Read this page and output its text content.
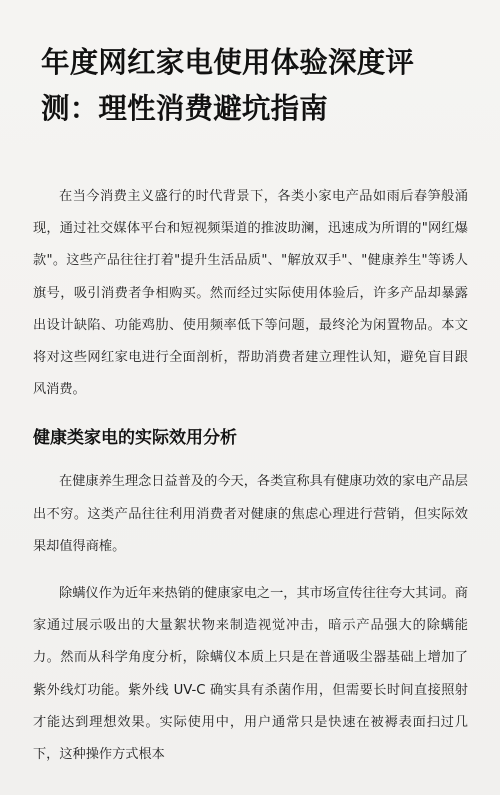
年度网红家电使用体验深度评测：理性消费避坑指南

在当今消费主义盛行的时代背景下，各类小家电产品如雨后春笋般涌现，通过社交媒体平台和短视频渠道的推波助澜，迅速成为所谓的"网红爆款"。这些产品往往打着"提升生活品质"、"解放双手"、"健康养生"等诱人旗号，吸引消费者争相购买。然而经过实际使用体验后，许多产品却暴露出设计缺陷、功能鸡肋、使用频率低下等问题，最终沦为闲置物品。本文将对这些网红家电进行全面剖析，帮助消费者建立理性认知，避免盲目跟风消费。

健康类家电的实际效用分析

在健康养生理念日益普及的今天，各类宣称具有健康功效的家电产品层出不穷。这类产品往往利用消费者对健康的焦虑心理进行营销，但实际效果却值得商榷。

除螨仪作为近年来热销的健康家电之一，其市场宣传往往夸大其词。商家通过展示吸出的大量絮状物来制造视觉冲击，暗示产品强大的除螨能力。然而从科学角度分析，除螨仪本质上只是在普通吸尘器基础上增加了紫外线灯功能。紫外线 UV-C 确实具有杀菌作用，但需要长时间直接照射才能达到理想效果。实际使用中，用户通常只是快速在被褥表面扫过几下，这种操作方式根本
